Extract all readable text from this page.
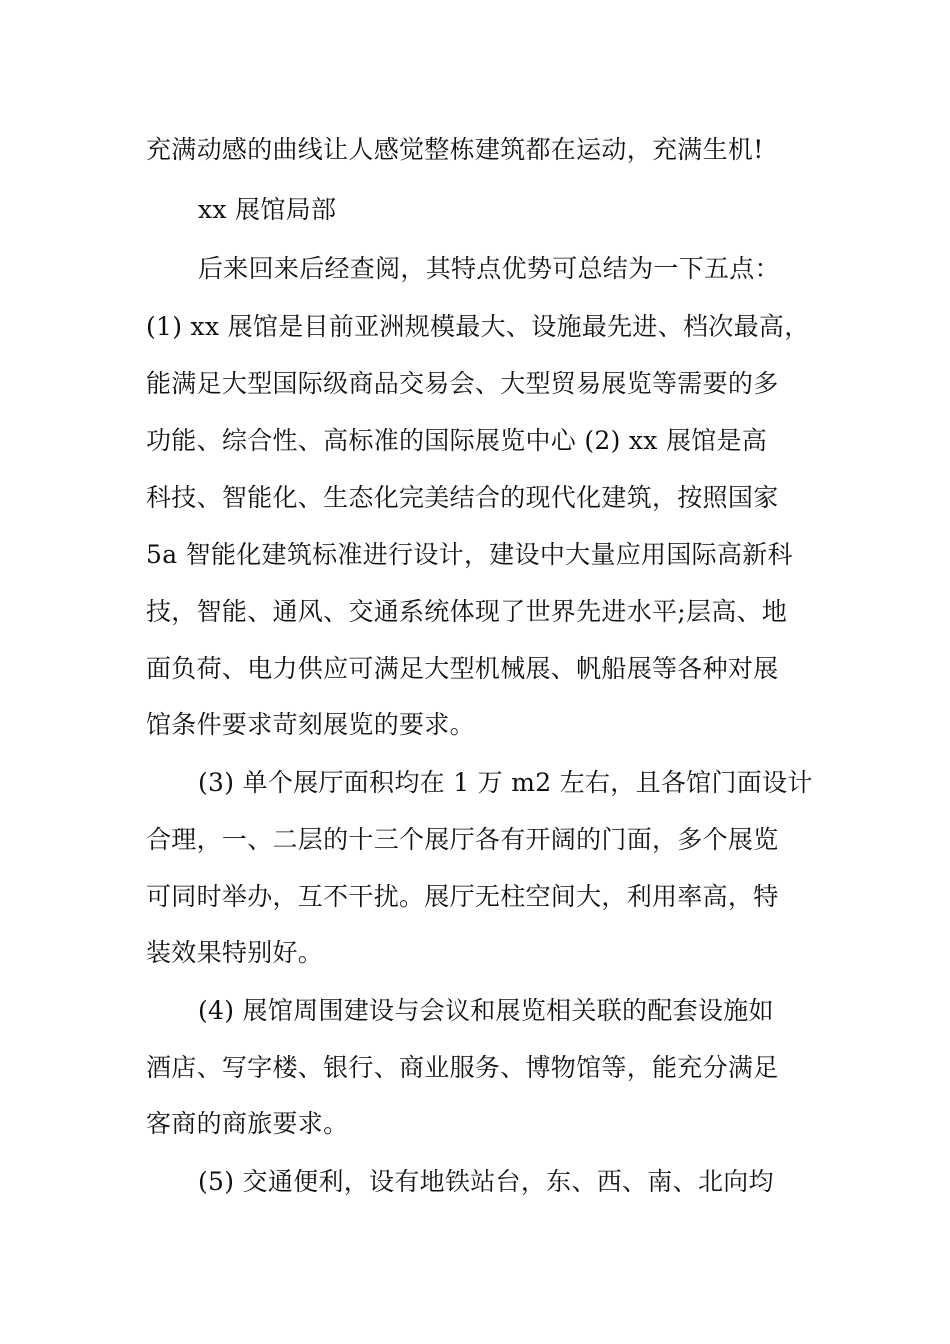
充满动感的曲线让人感觉整栋建筑都在运动，充满生机!
xx 展馆局部
后来回来后经查阅，其特点优势可总结为一下五点：
(1) xx 展馆是目前亚洲规模最大、设施最先进、档次最高，
能满足大型国际级商品交易会、大型贸易展览等需要的多
功能、综合性、高标准的国际展览中心 (2) xx 展馆是高
科技、智能化、生态化完美结合的现代化建筑，按照国家
5a 智能化建筑标准进行设计，建设中大量应用国际高新科
技，智能、通风、交通系统体现了世界先进水平;层高、地
面负荷、电力供应可满足大型机械展、帆船展等各种对展
馆条件要求苛刻展览的要求。
(3) 单个展厅面积均在 1 万 m2 左右，且各馆门面设计
合理，一、二层的十三个展厅各有开阔的门面，多个展览
可同时举办，互不干扰。展厅无柱空间大，利用率高，特
装效果特别好。
(4) 展馆周围建设与会议和展览相关联的配套设施如
酒店、写字楼、银行、商业服务、博物馆等，能充分满足
客商的商旅要求。
(5) 交通便利，设有地铁站台，东、西、南、北向均
